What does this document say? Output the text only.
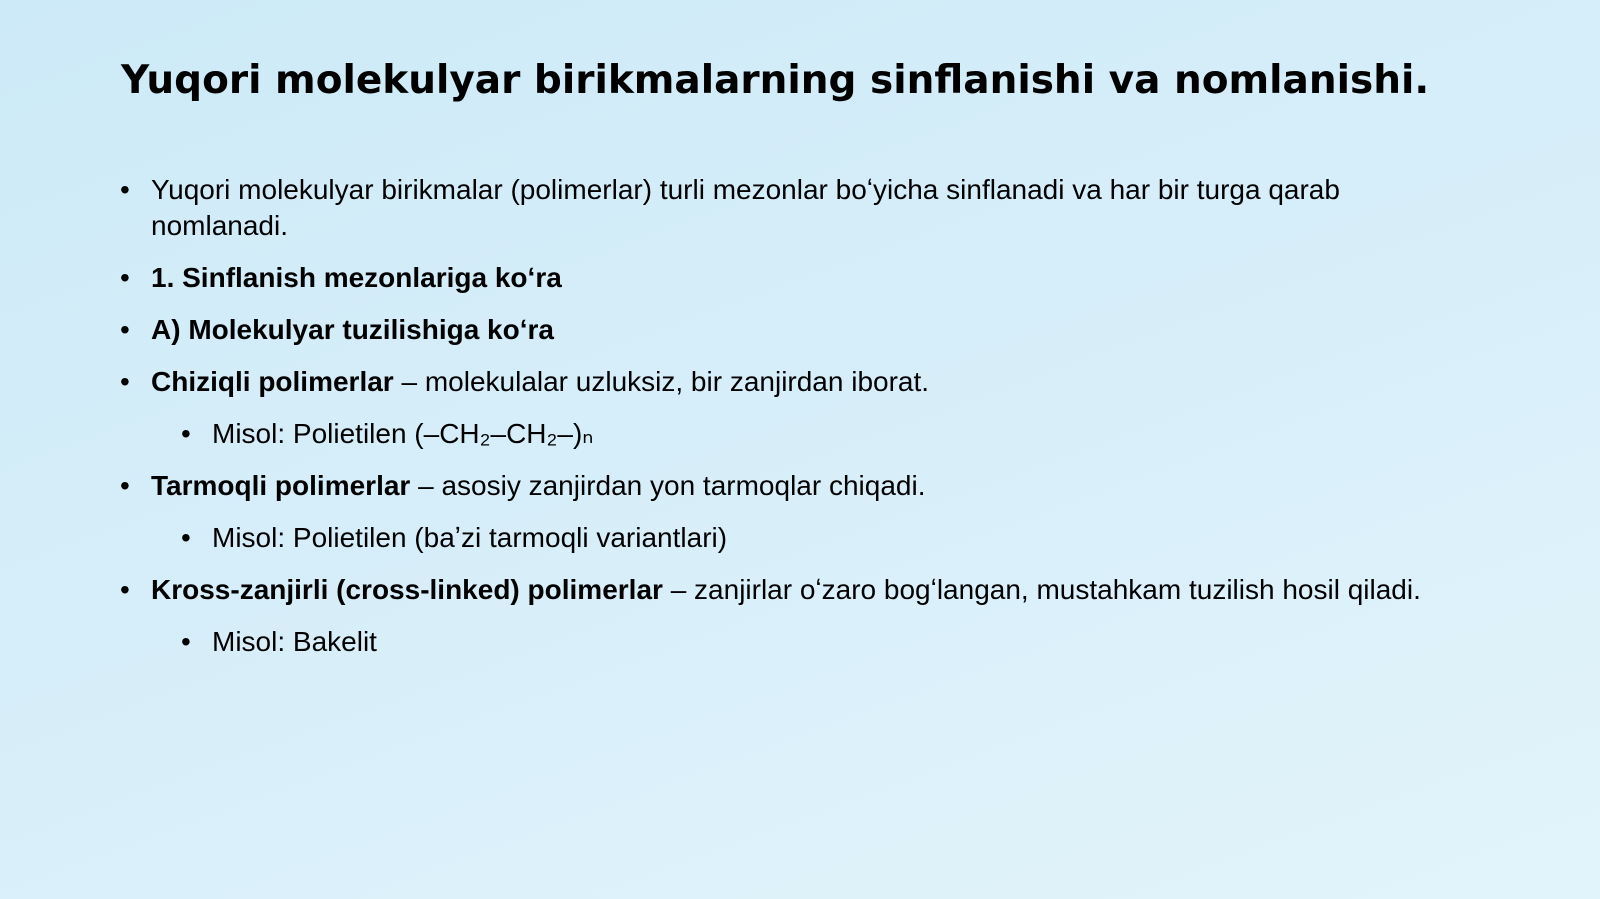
Yuqori molekulyar birikmalarning sinflanishi va nomlanishi.
• Yuqori molekulyar birikmalar (polimerlar) turli mezonlar boʻyicha sinflanadi va har bir turga qarab nomlanadi.
• 1. Sinflanish mezonlariga koʻra
• A) Molekulyar tuzilishiga koʻra
• Chiziqli polimerlar – molekulalar uzluksiz, bir zanjirdan iborat.
• Misol: Polietilen (–CH₂–CH₂–)ₙ
• Tarmoqli polimerlar – asosiy zanjirdan yon tarmoqlar chiqadi.
• Misol: Polietilen (baʼzi tarmoqli variantlari)
• Kross-zanjirli (cross-linked) polimerlar – zanjirlar oʻzaro bogʻlangan, mustahkam tuzilish hosil qiladi.
• Misol: Bakelit
